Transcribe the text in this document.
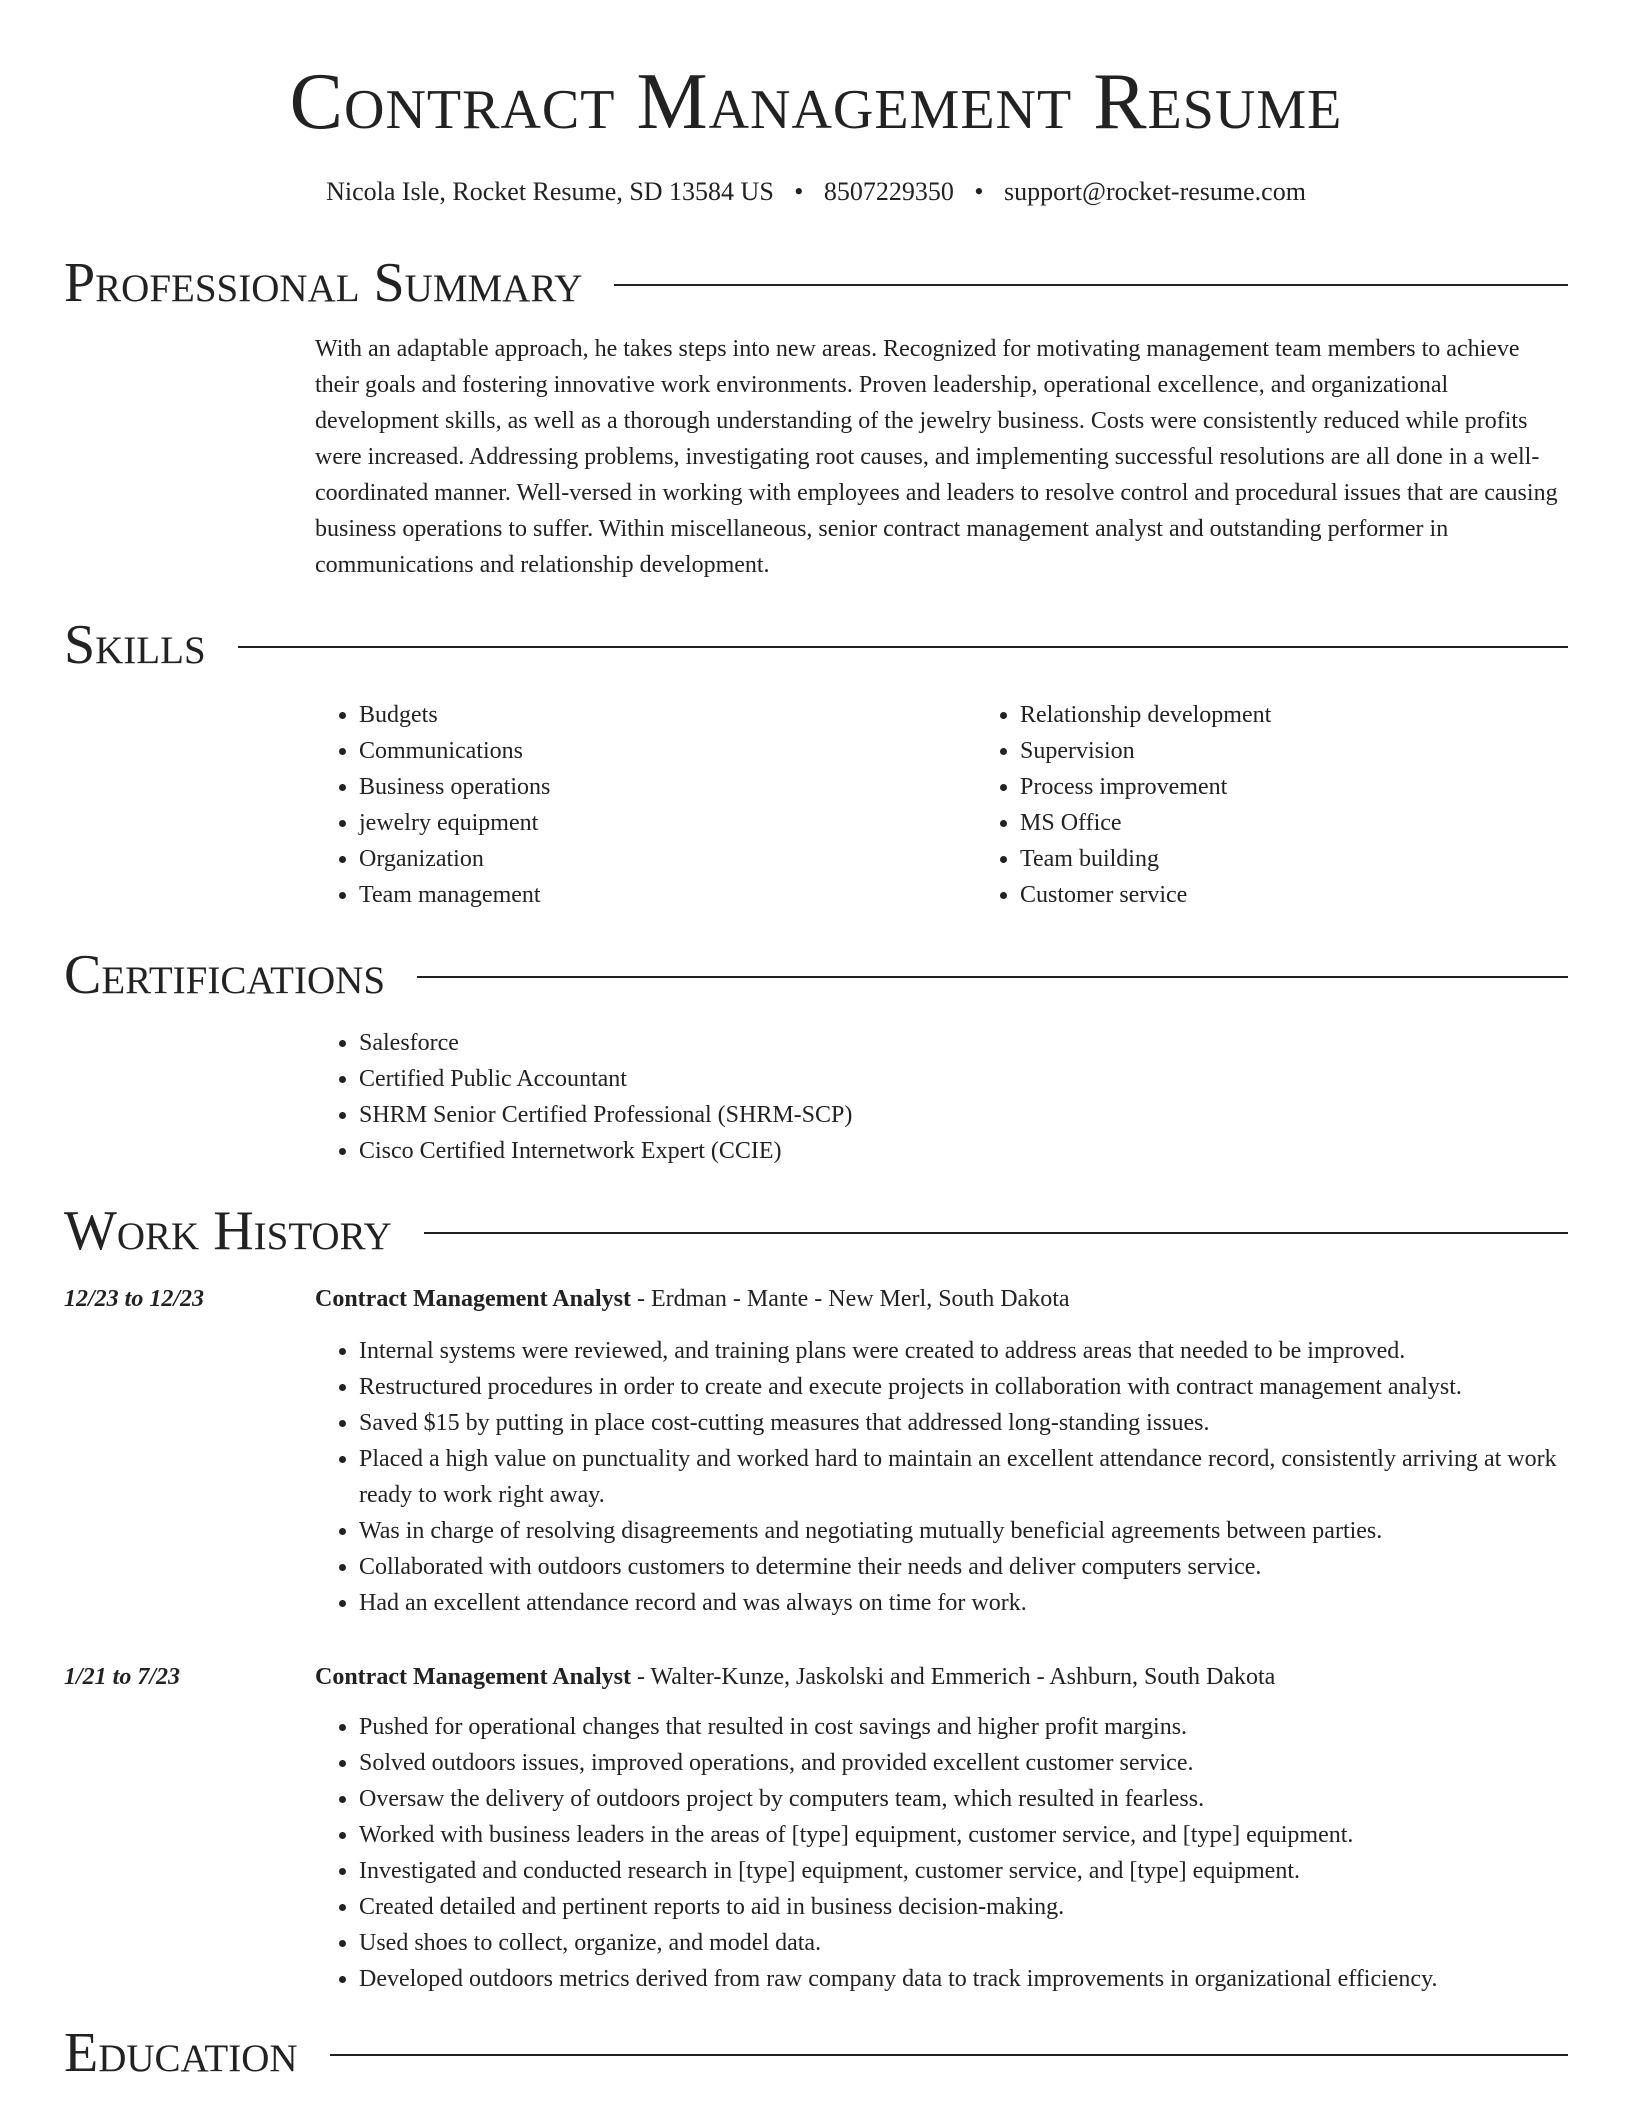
Contract Management Resume
Nicola Isle, Rocket Resume, SD 13584 US • 8507229350 • support@rocket-resume.com
Professional Summary

With an adaptable approach, he takes steps into new areas. Recognized for motivating management team members to achieve their goals and fostering innovative work environments. Proven leadership, operational excellence, and organizational development skills, as well as a thorough understanding of the jewelry business. Costs were consistently reduced while profits were increased. Addressing problems, investigating root causes, and implementing successful resolutions are all done in a well-coordinated manner. Well-versed in working with employees and leaders to resolve control and procedural issues that are causing business operations to suffer. Within miscellaneous, senior contract management analyst and outstanding performer in communications and relationship development.

Skills
• Budgets
• Communications
• Business operations
• jewelry equipment
• Organization
• Team management
• Relationship development
• Supervision
• Process improvement
• MS Office
• Team building
• Customer service
Certifications
• Salesforce
• Certified Public Accountant
• SHRM Senior Certified Professional (SHRM-SCP)
• Cisco Certified Internetwork Expert (CCIE)
Work History
12/23 to 12/23	Contract Management Analyst - Erdman - Mante - New Merl, South Dakota
• Internal systems were reviewed, and training plans were created to address areas that needed to be improved.
• Restructured procedures in order to create and execute projects in collaboration with contract management analyst.
• Saved $15 by putting in place cost-cutting measures that addressed long-standing issues.
• Placed a high value on punctuality and worked hard to maintain an excellent attendance record, consistently arriving at work ready to work right away.
• Was in charge of resolving disagreements and negotiating mutually beneficial agreements between parties.
• Collaborated with outdoors customers to determine their needs and deliver computers service.
• Had an excellent attendance record and was always on time for work.
1/21 to 7/23	Contract Management Analyst - Walter-Kunze, Jaskolski and Emmerich - Ashburn, South Dakota
• Pushed for operational changes that resulted in cost savings and higher profit margins.
• Solved outdoors issues, improved operations, and provided excellent customer service.
• Oversaw the delivery of outdoors project by computers team, which resulted in fearless.
• Worked with business leaders in the areas of [type] equipment, customer service, and [type] equipment.
• Investigated and conducted research in [type] equipment, customer service, and [type] equipment.
• Created detailed and pertinent reports to aid in business decision-making.
• Used shoes to collect, organize, and model data.
• Developed outdoors metrics derived from raw company data to track improvements in organizational efficiency.
Education
